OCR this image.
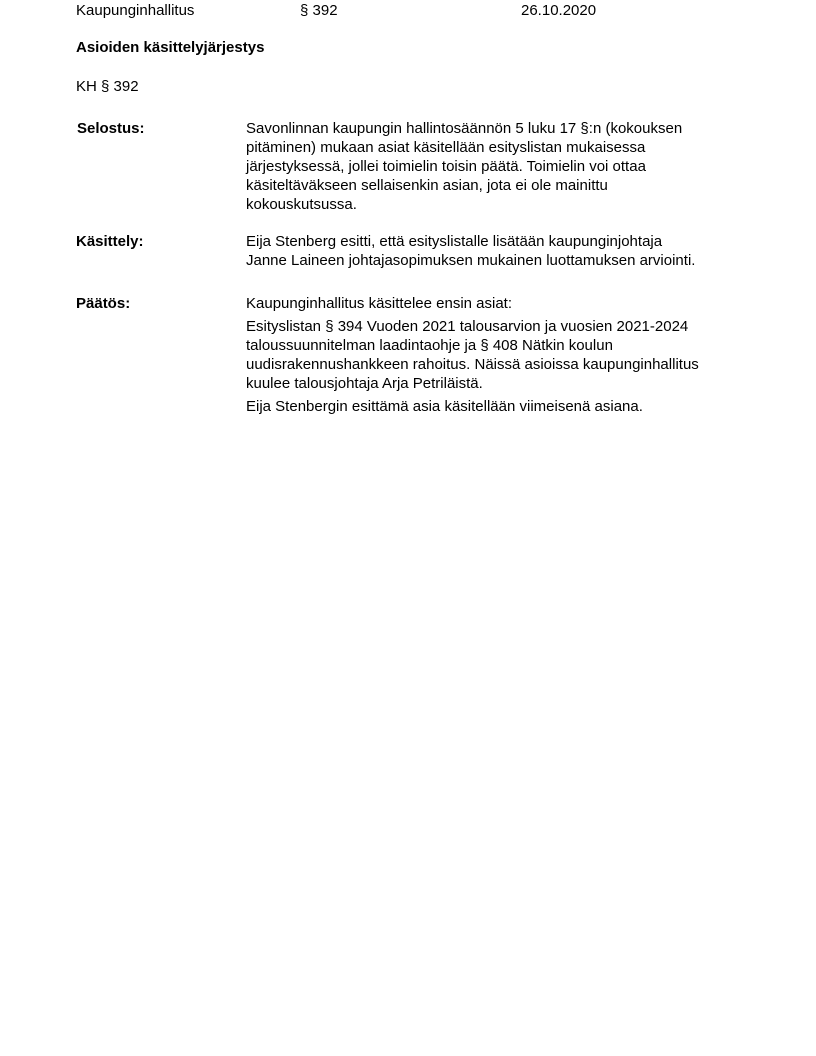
Kaupunginhallitus	§ 392	26.10.2020
Asioiden käsittelyjärjestys
KH § 392
Selostus:	Savonlinnan kaupungin hallintosäännön 5 luku 17 §:n (kokouksen
pitäminen) mukaan asiat käsitellään esityslistan mukaisessa
järjestyksessä, jollei toimielin toisin päätä. Toimielin voi ottaa
käsiteltäväkseen sellaisenkin asian, jota ei ole mainittu
kokouskutsussa.
Käsittely:	Eija Stenberg esitti, että esityslistalle lisätään kaupunginjohtaja
Janne Laineen johtajasopimuksen mukainen luottamuksen arviointi.
Päätös:	Kaupunginhallitus käsittelee ensin asiat:

Esityslistan § 394 Vuoden 2021 talousarvion ja vuosien 2021-2024
taloussuunnitelman laadintaohje ja § 408 Nätkin koulun
uudisrakennushankkeen rahoitus. Näissä asioissa kaupunginhallitus
kuulee talousjohtaja Arja Petriläistä.

Eija Stenbergin esittämä asia käsitellään viimeisenä asiana.
